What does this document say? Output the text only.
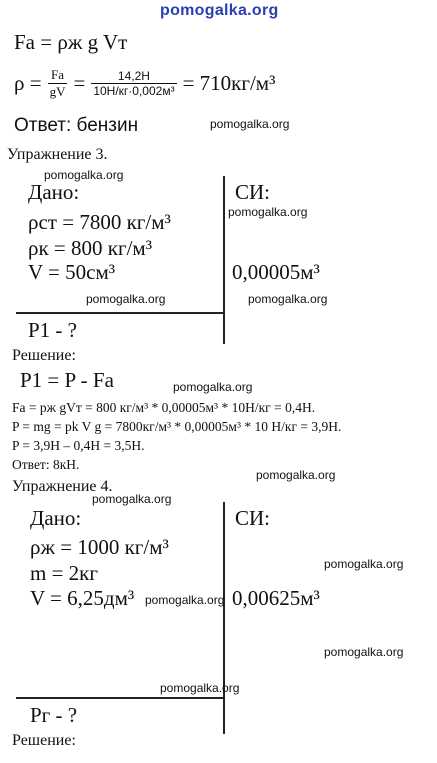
pomogalka.org
Fа = ρж g Vт
$\rho = \frac{Fа}{gV} = \frac{14,2H}{\text{10Н/кг·0,002м³}} = 710кг/м^3$
Ответ: бензин	pomogalka.org
Упражнение 3.
pomogalka.org
Дано:	СИ:
pomogalka.org
ρст = 7800 кг/м³
ρк = 800 кг/м³
V = 50см³	0,00005м³
pomogalka.org	pomogalka.org
P1 - ?
Решение:
P1 = P - Fа	pomogalka.org
Fа = pж gVт = 800 кг/м³ * 0,00005м³ * 10Н/кг = 0,4Н.
P = mg = pk V g = 7800кг/м³ * 0,00005м³ * 10 Н/кг = 3,9Н.
P = 3,9Н – 0,4Н = 3,5Н.
Ответ: 8кН.
pomogalka.org
Упражнение 4.
pomogalka.org
Дано:	СИ:
ρж = 1000 кг/м³
pomogalka.org
m = 2кг
V = 6,25дм³	0,00625м³
pomogalka.org
pomogalka.org
pomogalka.org
Pг - ?
Решение:
